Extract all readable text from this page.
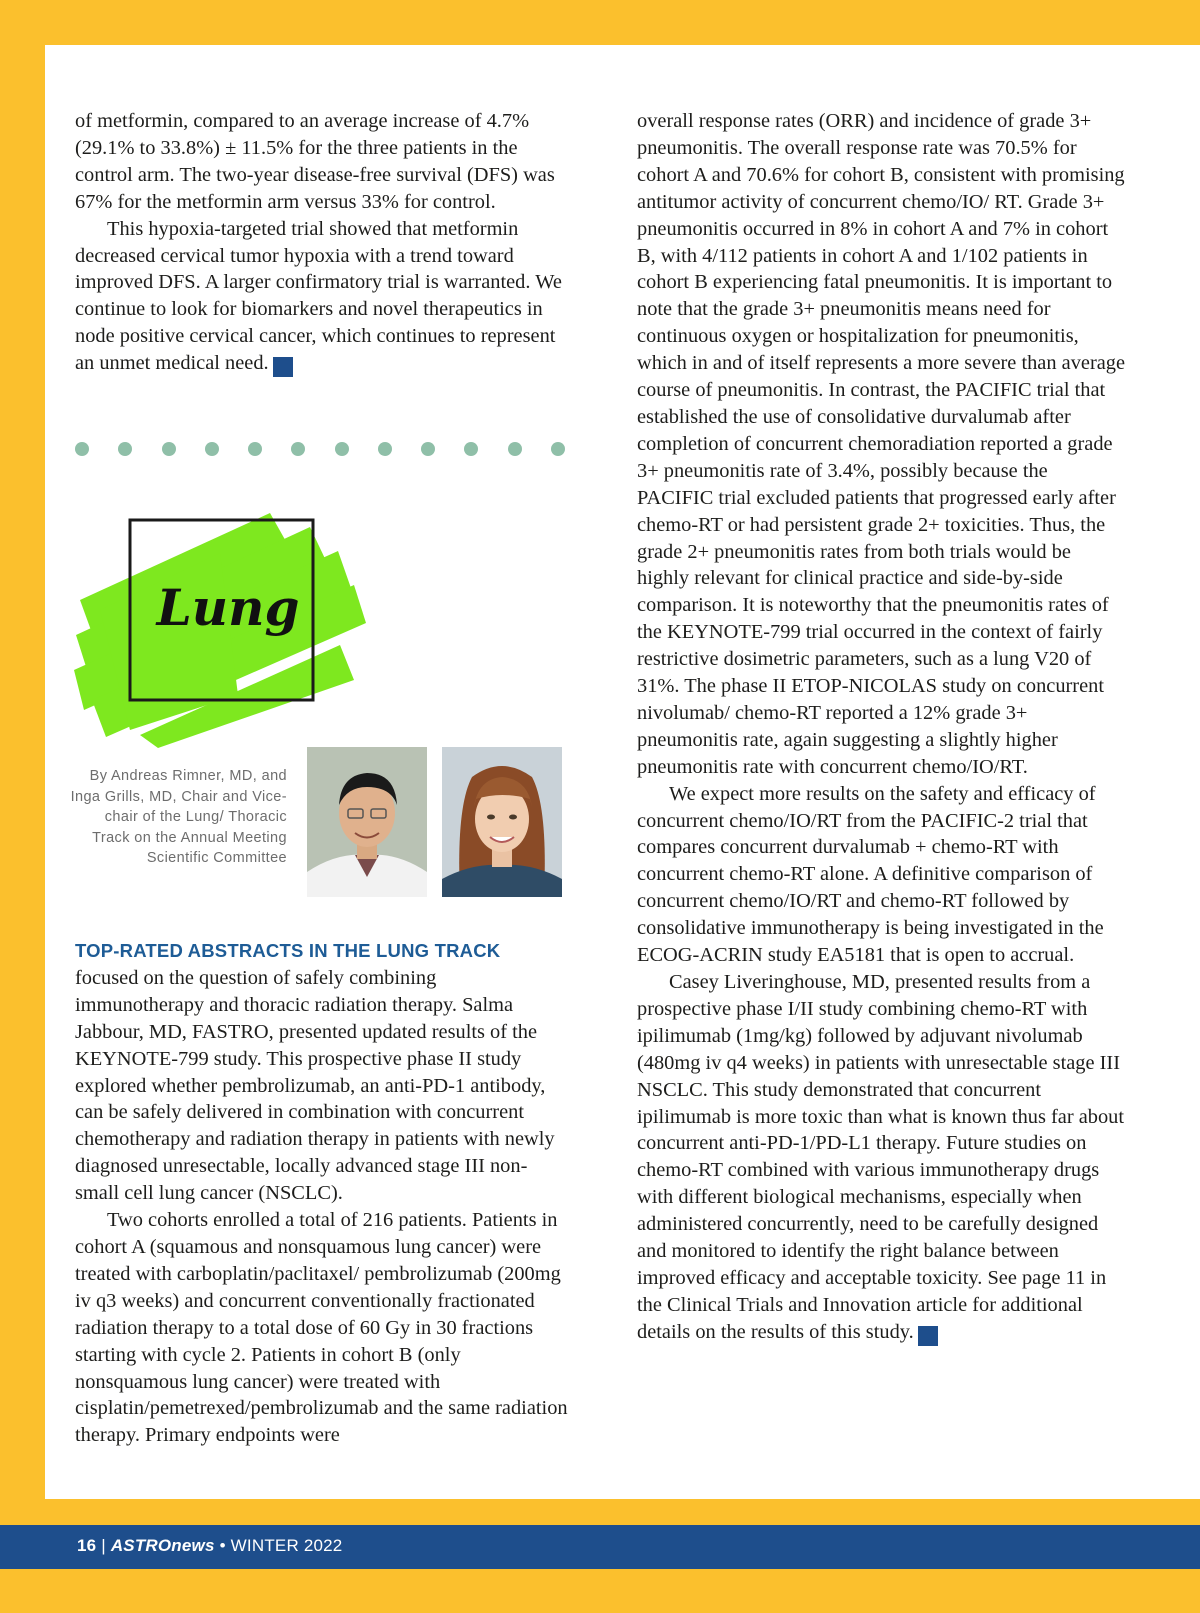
of metformin, compared to an average increase of 4.7% (29.1% to 33.8%) ± 11.5% for the three patients in the control arm. The two-year disease-free survival (DFS) was 67% for the metformin arm versus 33% for control.

This hypoxia-targeted trial showed that metformin decreased cervical tumor hypoxia with a trend toward improved DFS. A larger confirmatory trial is warranted. We continue to look for biomarkers and novel therapeutics in node positive cervical cancer, which continues to represent an unmet medical need. A

Lung
By Andreas Rimner, MD, and Inga Grills, MD, Chair and Vice-chair of the Lung/ Thoracic Track on the Annual Meeting Scientific Committee

TOP-RATED ABSTRACTS IN THE LUNG TRACK
focused on the question of safely combining immunotherapy and thoracic radiation therapy. Salma Jabbour, MD, FASTRO, presented updated results of the KEYNOTE-799 study. This prospective phase II study explored whether pembrolizumab, an anti-PD-1 antibody, can be safely delivered in combination with concurrent chemotherapy and radiation therapy in patients with newly diagnosed unresectable, locally advanced stage III non-small cell lung cancer (NSCLC).

Two cohorts enrolled a total of 216 patients. Patients in cohort A (squamous and nonsquamous lung cancer) were treated with carboplatin/paclitaxel/ pembrolizumab (200mg iv q3 weeks) and concurrent conventionally fractionated radiation therapy to a total dose of 60 Gy in 30 fractions starting with cycle 2. Patients in cohort B (only nonsquamous lung cancer) were treated with cisplatin/pemetrexed/pembrolizumab and the same radiation therapy. Primary endpoints were

overall response rates (ORR) and incidence of grade 3+ pneumonitis. The overall response rate was 70.5% for cohort A and 70.6% for cohort B, consistent with promising antitumor activity of concurrent chemo/IO/ RT. Grade 3+ pneumonitis occurred in 8% in cohort A and 7% in cohort B, with 4/112 patients in cohort A and 1/102 patients in cohort B experiencing fatal pneumonitis. It is important to note that the grade 3+ pneumonitis means need for continuous oxygen or hospitalization for pneumonitis, which in and of itself represents a more severe than average course of pneumonitis. In contrast, the PACIFIC trial that established the use of consolidative durvalumab after completion of concurrent chemoradiation reported a grade 3+ pneumonitis rate of 3.4%, possibly because the PACIFIC trial excluded patients that progressed early after chemo-RT or had persistent grade 2+ toxicities. Thus, the grade 2+ pneumonitis rates from both trials would be highly relevant for clinical practice and side-by-side comparison. It is noteworthy that the pneumonitis rates of the KEYNOTE-799 trial occurred in the context of fairly restrictive dosimetric parameters, such as a lung V20 of 31%. The phase II ETOP-NICOLAS study on concurrent nivolumab/ chemo-RT reported a 12% grade 3+ pneumonitis rate, again suggesting a slightly higher pneumonitis rate with concurrent chemo/IO/RT.

We expect more results on the safety and efficacy of concurrent chemo/IO/RT from the PACIFIC-2 trial that compares concurrent durvalumab + chemo-RT with concurrent chemo-RT alone. A definitive comparison of concurrent chemo/IO/RT and chemo-RT followed by consolidative immunotherapy is being investigated in the ECOG-ACRIN study EA5181 that is open to accrual.

Casey Liveringhouse, MD, presented results from a prospective phase I/II study combining chemo-RT with ipilimumab (1mg/kg) followed by adjuvant nivolumab (480mg iv q4 weeks) in patients with unresectable stage III NSCLC. This study demonstrated that concurrent ipilimumab is more toxic than what is known thus far about concurrent anti-PD-1/PD-L1 therapy. Future studies on chemo-RT combined with various immunotherapy drugs with different biological mechanisms, especially when administered concurrently, need to be carefully designed and monitored to identify the right balance between improved efficacy and acceptable toxicity. See page 11 in the Clinical Trials and Innovation article for additional details on the results of this study. A

16 | ASTROnews • WINTER 2022
